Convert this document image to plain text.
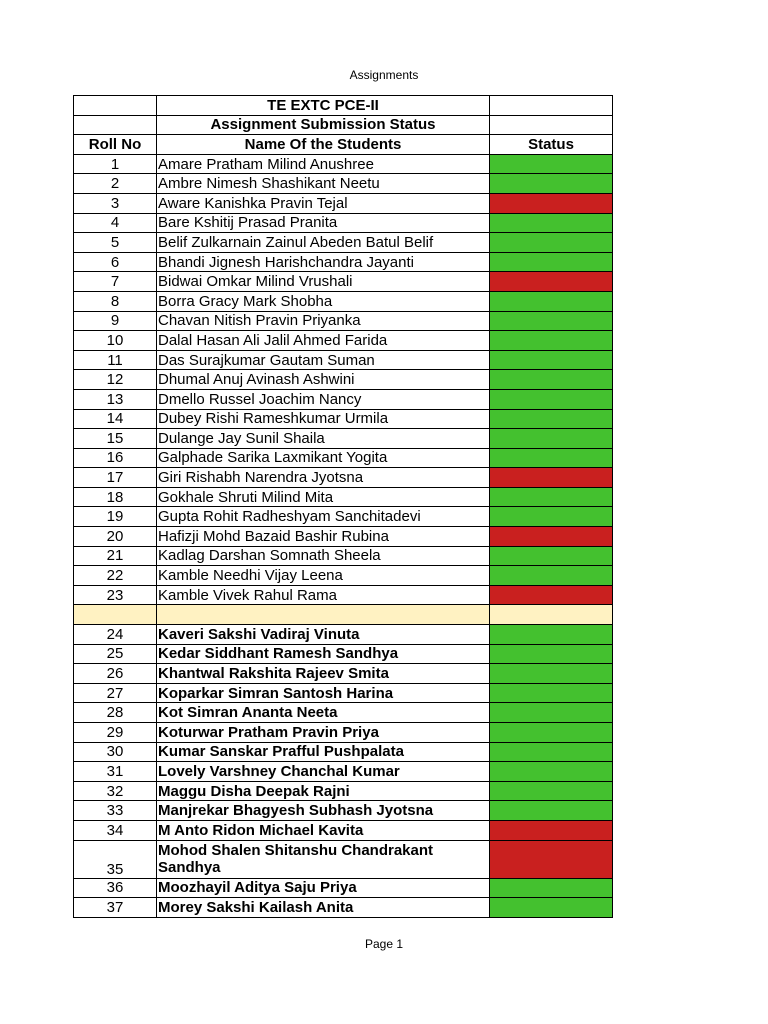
Assignments
	TE EXTC PCE-II	
	Assignment Submission Status	
Roll No	Name Of the Students	Status
1	Amare Pratham Milind Anushree	
2	Ambre Nimesh Shashikant Neetu	
3	Aware Kanishka Pravin Tejal	
4	Bare Kshitij Prasad Pranita	
5	Belif Zulkarnain Zainul Abeden Batul Belif	
6	Bhandi Jignesh Harishchandra Jayanti	
7	Bidwai Omkar Milind Vrushali	
8	Borra Gracy Mark Shobha	
9	Chavan Nitish Pravin Priyanka	
10	Dalal Hasan Ali Jalil Ahmed Farida	
11	Das Surajkumar Gautam Suman	
12	Dhumal Anuj Avinash Ashwini	
13	Dmello Russel Joachim Nancy	
14	Dubey Rishi Rameshkumar Urmila	
15	Dulange Jay Sunil Shaila	
16	Galphade Sarika Laxmikant Yogita	
17	Giri Rishabh Narendra Jyotsna	
18	Gokhale Shruti Milind Mita	
19	Gupta Rohit Radheshyam Sanchitadevi	
20	Hafizji Mohd Bazaid Bashir Rubina	
21	Kadlag Darshan Somnath Sheela	
22	Kamble Needhi Vijay Leena	
23	Kamble Vivek Rahul Rama	

24	Kaveri Sakshi Vadiraj Vinuta	
25	Kedar Siddhant Ramesh Sandhya	
26	Khantwal Rakshita Rajeev Smita	
27	Koparkar Simran Santosh Harina	
28	Kot Simran Ananta Neeta	
29	Koturwar Pratham Pravin Priya	
30	Kumar Sanskar Prafful Pushpalata	
31	Lovely Varshney Chanchal Kumar	
32	Maggu Disha Deepak Rajni	
33	Manjrekar Bhagyesh Subhash Jyotsna	
34	M Anto Ridon Michael Kavita	
35	Mohod Shalen Shitanshu Chandrakant Sandhya	
36	Moozhayil Aditya Saju Priya	
37	Morey Sakshi Kailash Anita	
Page 1
